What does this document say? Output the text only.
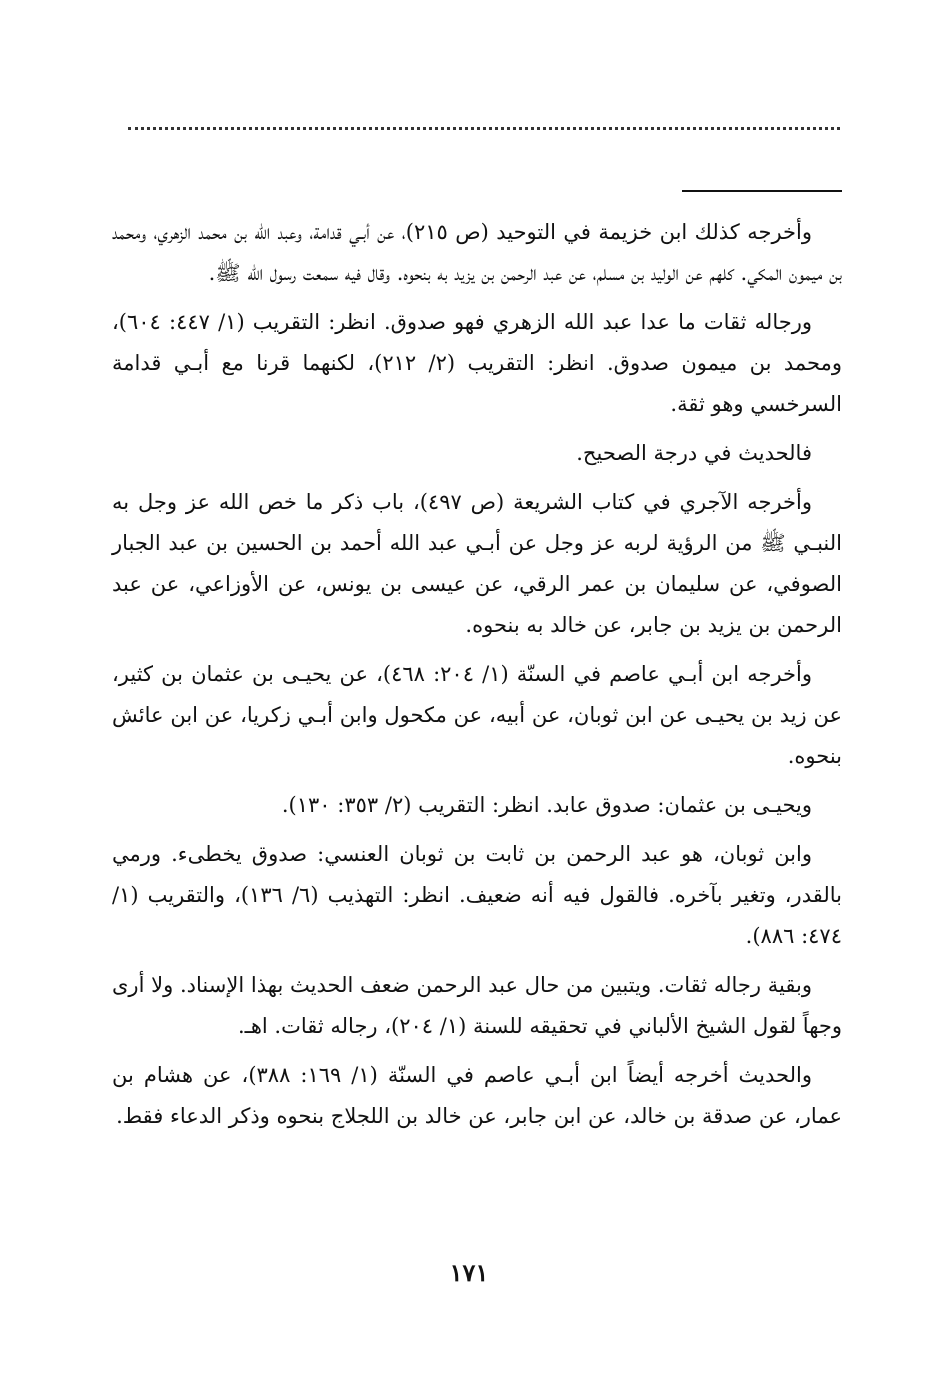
وأخرجه كذلك ابن خزيمة في التوحيد (ص ٢١٥)، عن أبـي قدامة، وعبد الله بن محمد الزهري، ومحمد بن ميمون المكي. كلهم عن الوليد بن مسلم، عن عبد الرحمن بن يزيد به بنحوه. وقال فيه سمعت رسول الله ﷺ.

ورجاله ثقات ما عدا عبد الله الزهري فهو صدوق. انظر: التقريب (١/ ٤٤٧: ٦٠٤)، ومحمد بن ميمون صدوق. انظر: التقريب (٢/ ٢١٢)، لكنهما قرنا مع أبـي قدامة السرخسي وهو ثقة.

فالحديث في درجة الصحيح.

وأخرجه الآجري في كتاب الشريعة (ص ٤٩٧)، باب ذكر ما خص الله عز وجل به النبـي ﷺ من الرؤية لربه عز وجل عن أبـي عبد الله أحمد بن الحسين بن عبد الجبار الصوفي، عن سليمان بن عمر الرقي، عن عيسى بن يونس، عن الأوزاعي، عن عبد الرحمن بن يزيد بن جابر، عن خالد به بنحوه.

وأخرجه ابن أبـي عاصم في السنّة (١/ ٢٠٤: ٤٦٨)، عن يحيـى بن عثمان بن كثير، عن زيد بن يحيـى عن ابن ثوبان، عن أبيه، عن مكحول وابن أبـي زكريا، عن ابن عائش بنحوه.

ويحيـى بن عثمان: صدوق عابد. انظر: التقريب (٢/ ٣٥٣: ١٣٠).

وابن ثوبان، هو عبد الرحمن بن ثابت بن ثوبان العنسي: صدوق يخطىء. ورمي بالقدر، وتغير بآخره. فالقول فيه أنه ضعيف. انظر: التهذيب (٦/ ١٣٦)، والتقريب (١/ ٤٧٤: ٨٨٦).

وبقية رجاله ثقات. ويتبين من حال عبد الرحمن ضعف الحديث بهذا الإسناد. ولا أرى وجهاً لقول الشيخ الألباني في تحقيقه للسنة (١/ ٢٠٤)، رجاله ثقات. اهـ.

والحديث أخرجه أيضاً ابن أبـي عاصم في السنّة (١/ ١٦٩: ٣٨٨)، عن هشام بن عمار، عن صدقة بن خالد، عن ابن جابر، عن خالد بن اللجلاج بنحوه وذكر الدعاء فقط.

١٧١
